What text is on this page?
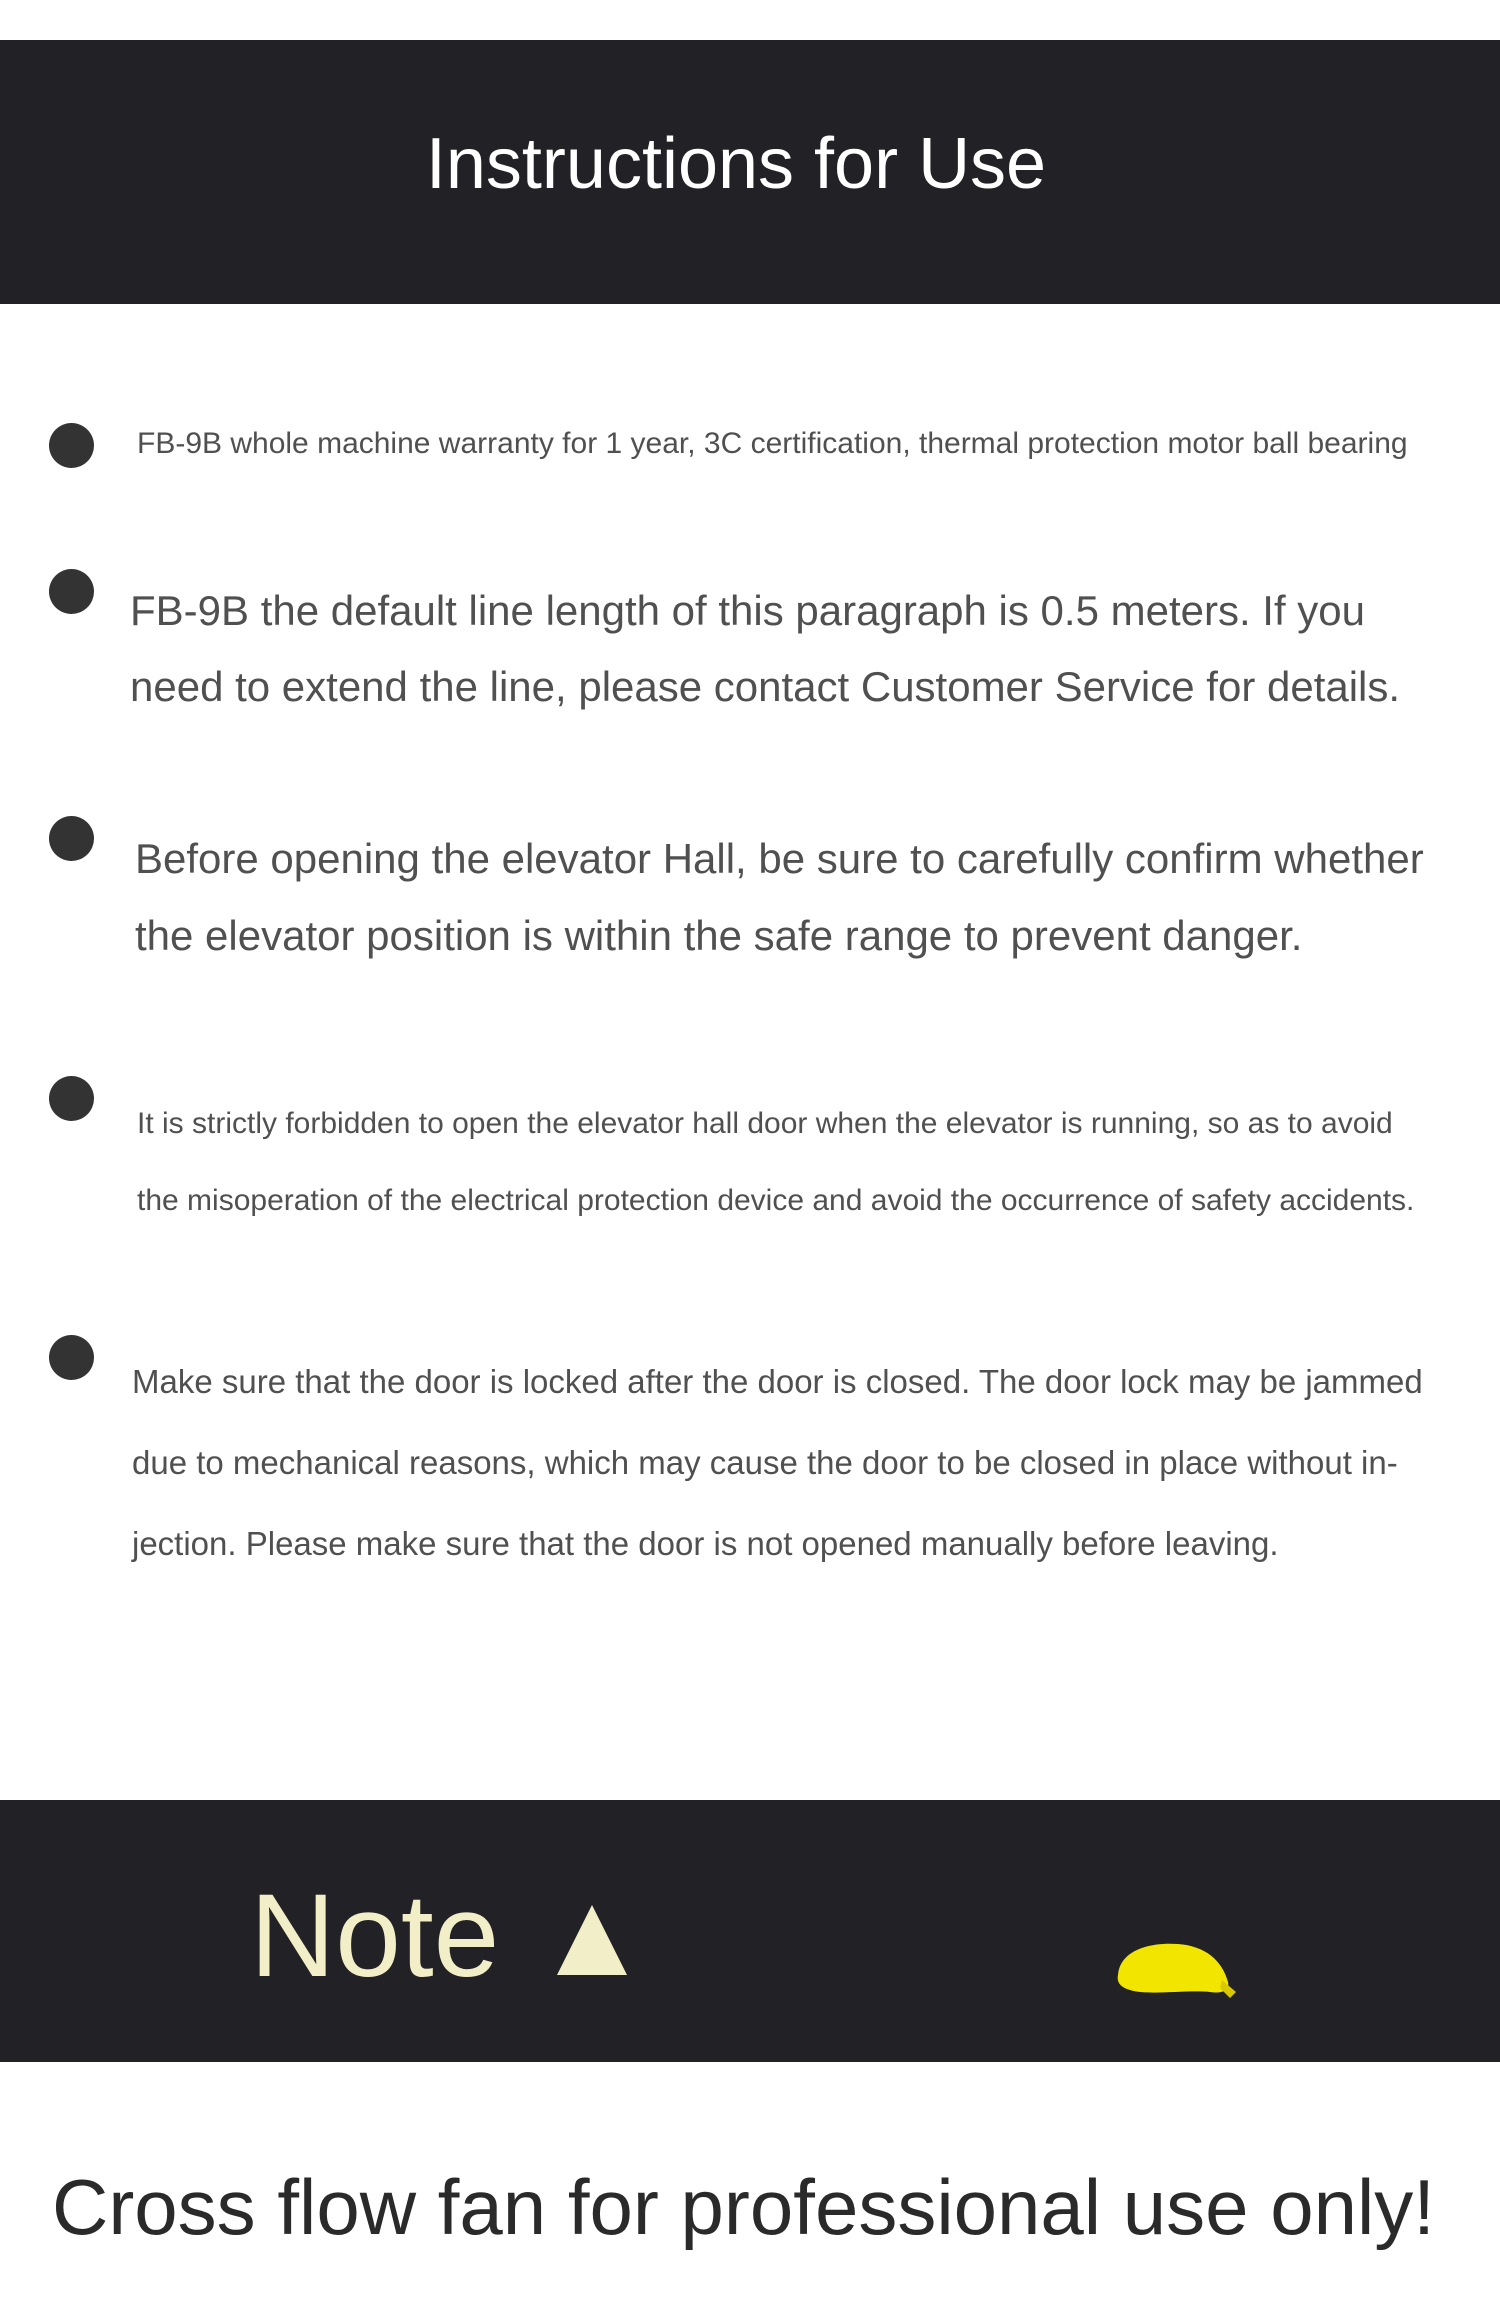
Instructions for Use
FB-9B whole machine warranty for 1 year, 3C certification, thermal protection motor ball bearing
FB-9B the default line length of this paragraph is 0.5 meters. If you
need to extend the line, please contact Customer Service for details.
Before opening the elevator Hall, be sure to carefully confirm whether
the elevator position is within the safe range to prevent danger.
It is strictly forbidden to open the elevator hall door when the elevator is running, so as to avoid
the misoperation of the electrical protection device and avoid the occurrence of safety accidents.
Make sure that the door is locked after the door is closed. The door lock may be jammed
due to mechanical reasons, which may cause the door to be closed in place without in-
jection. Please make sure that the door is not opened manually before leaving.
Note
Cross flow fan for professional use only!
